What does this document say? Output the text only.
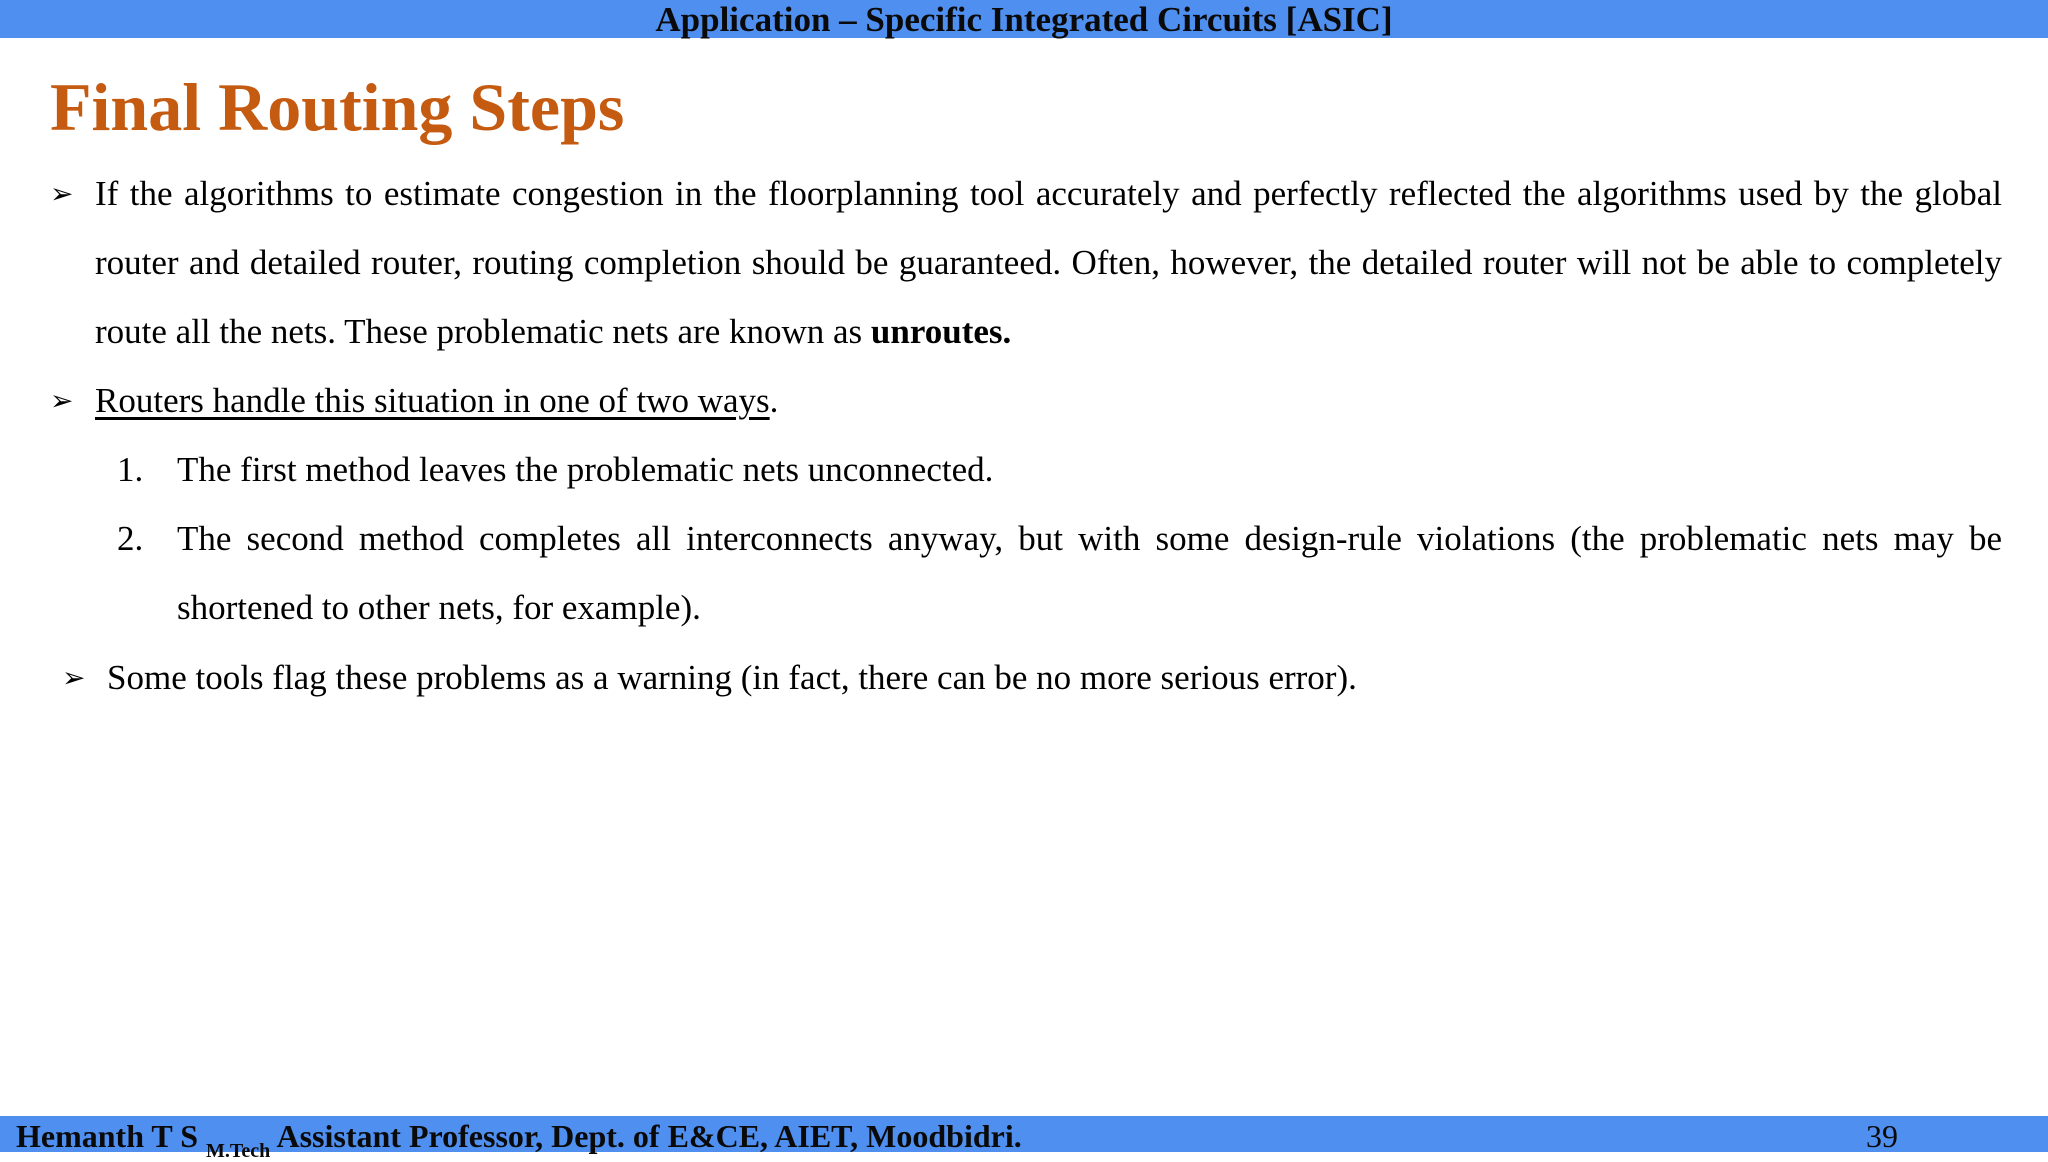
Application – Specific Integrated Circuits [ASIC]
Final Routing Steps
➢ If the algorithms to estimate congestion in the floorplanning tool accurately and perfectly reflected the algorithms used by the global router and detailed router, routing completion should be guaranteed. Often, however, the detailed router will not be able to completely route all the nets. These problematic nets are known as unroutes.
➢ Routers handle this situation in one of two ways.
1. The first method leaves the problematic nets unconnected.
2. The second method completes all interconnects anyway, but with some design-rule violations (the problematic nets may be shortened to other nets, for example).
➢ Some tools flag these problems as a warning (in fact, there can be no more serious error).
Hemanth T S $_{M.Tech}$ Assistant Professor, Dept. of E&CE, AIET, Moodbidri.	39
